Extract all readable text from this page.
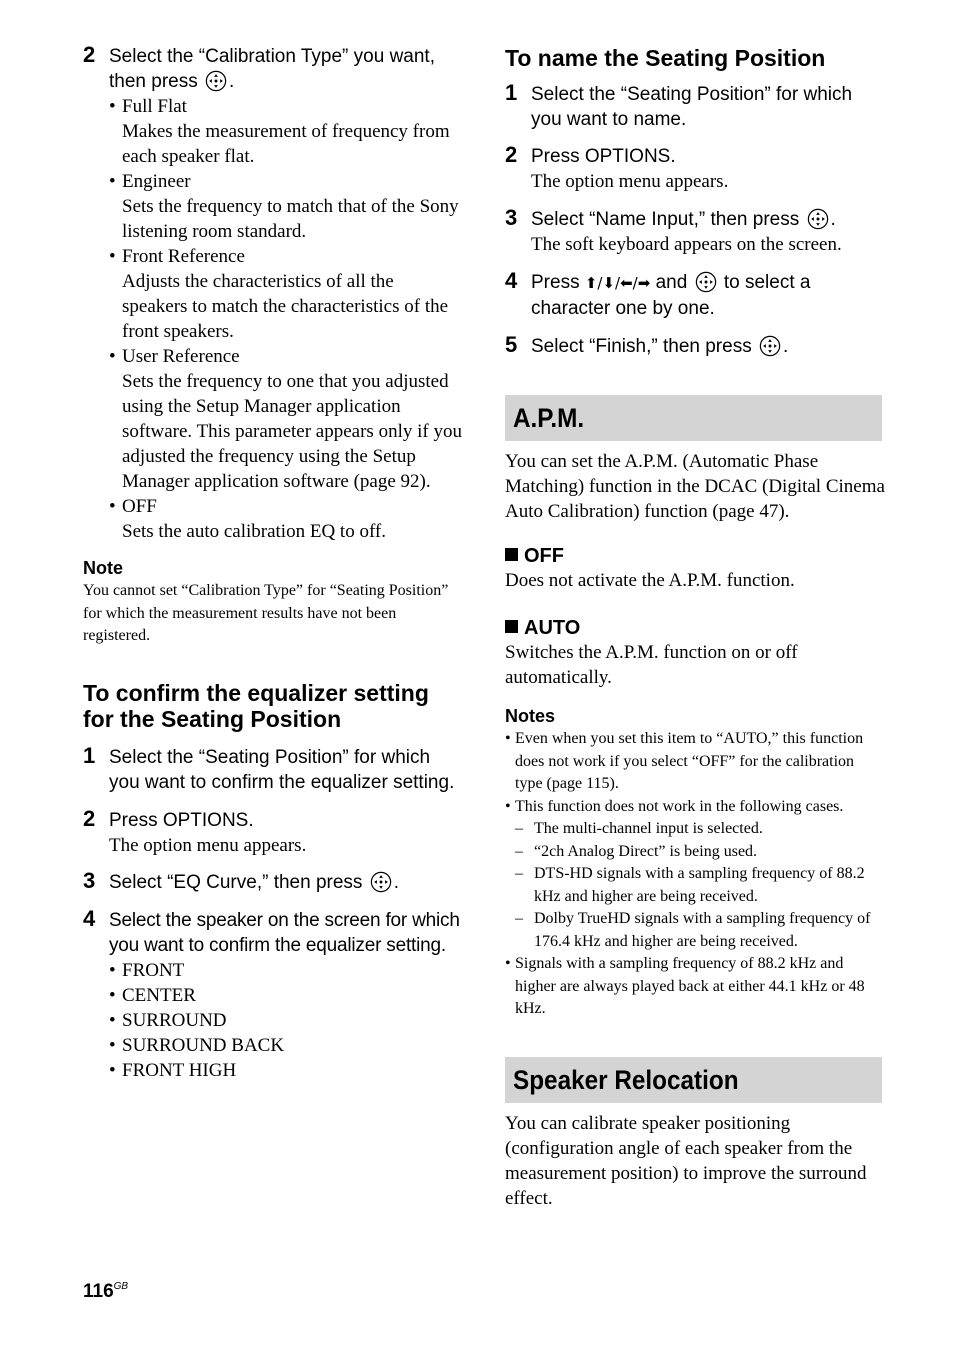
2 Select the “Calibration Type” you want, then press .
• Full Flat
Makes the measurement of frequency from each speaker flat.
• Engineer
Sets the frequency to match that of the Sony listening room standard.
• Front Reference
Adjusts the characteristics of all the speakers to match the characteristics of the front speakers.
• User Reference
Sets the frequency to one that you adjusted using the Setup Manager application software. This parameter appears only if you adjusted the frequency using the Setup Manager application software (page 92).
• OFF
Sets the auto calibration EQ to off.
Note
You cannot set “Calibration Type” for “Seating Position” for which the measurement results have not been registered.
To confirm the equalizer setting for the Seating Position
1 Select the “Seating Position” for which you want to confirm the equalizer setting.
2 Press OPTIONS.
The option menu appears.
3 Select “EQ Curve,” then press .
4 Select the speaker on the screen for which you want to confirm the equalizer setting.
• FRONT
• CENTER
• SURROUND
• SURROUND BACK
• FRONT HIGH
To name the Seating Position
1 Select the “Seating Position” for which you want to name.
2 Press OPTIONS.
The option menu appears.
3 Select “Name Input,” then press .
The soft keyboard appears on the screen.
4 Press ⬆/⬇/⬅/➡ and to select a character one by one.
5 Select “Finish,” then press .
A.P.M.
You can set the A.P.M. (Automatic Phase Matching) function in the DCAC (Digital Cinema Auto Calibration) function (page 47).
OFF
Does not activate the A.P.M. function.
AUTO
Switches the A.P.M. function on or off automatically.
Notes
• Even when you set this item to “AUTO,” this function does not work if you select “OFF” for the calibration type (page 115).
• This function does not work in the following cases.
– The multi-channel input is selected.
– “2ch Analog Direct” is being used.
– DTS-HD signals with a sampling frequency of 88.2 kHz and higher are being received.
– Dolby TrueHD signals with a sampling frequency of 176.4 kHz and higher are being received.
• Signals with a sampling frequency of 88.2 kHz and higher are always played back at either 44.1 kHz or 48 kHz.
Speaker Relocation
You can calibrate speaker positioning (configuration angle of each speaker from the measurement position) to improve the surround effect.
$116^{GB}$
